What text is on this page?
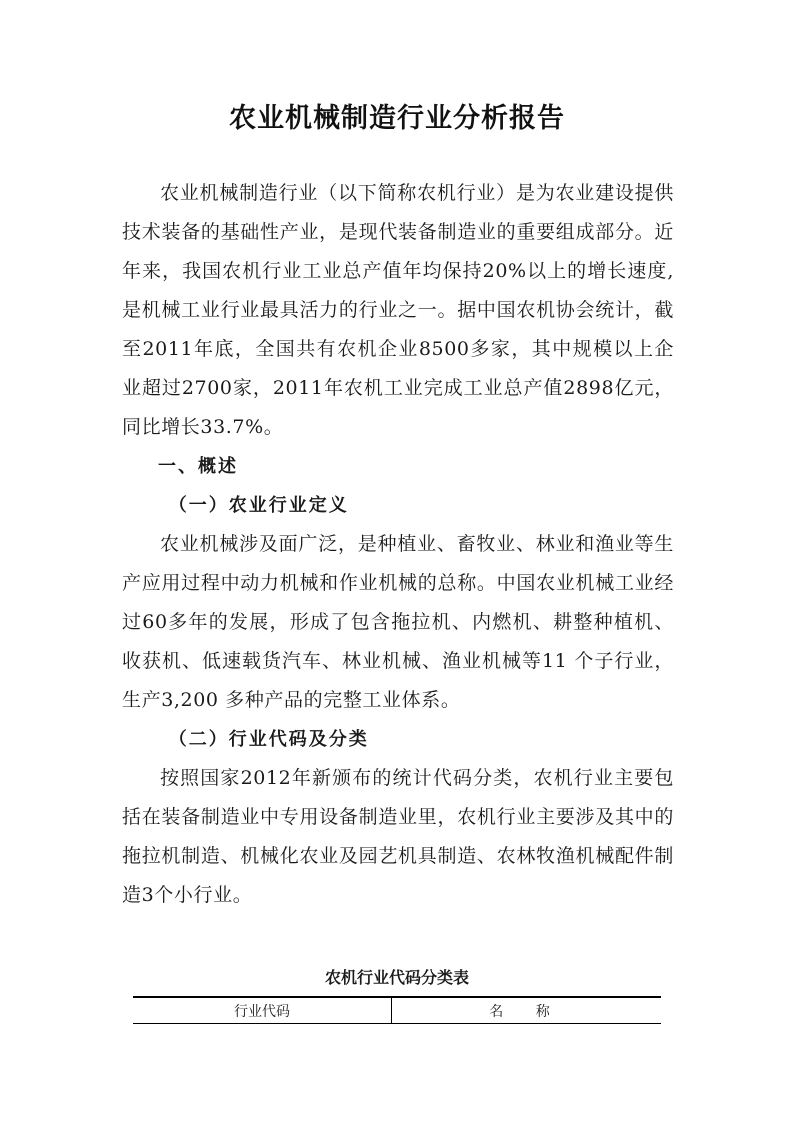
农业机械制造行业分析报告

农业机械制造行业（以下简称农机行业）是为农业建设提供技术装备的基础性产业，是现代装备制造业的重要组成部分。近年来，我国农机行业工业总产值年均保持20%以上的增长速度,是机械工业行业最具活力的行业之一。据中国农机协会统计，截至2011年底，全国共有农机企业8500多家，其中规模以上企业超过2700家，2011年农机工业完成工业总产值2898亿元，同比增长33.7%。

一、概述
（一）农业行业定义

农业机械涉及面广泛，是种植业、畜牧业、林业和渔业等生产应用过程中动力机械和作业机械的总称。中国农业机械工业经过60多年的发展，形成了包含拖拉机、内燃机、耕整种植机、收获机、低速载货汽车、林业机械、渔业机械等11 个子行业，生产3,200 多种产品的完整工业体系。

（二）行业代码及分类

按照国家2012年新颁布的统计代码分类，农机行业主要包括在装备制造业中专用设备制造业里，农机行业主要涉及其中的拖拉机制造、机械化农业及园艺机具制造、农林牧渔机械配件制造3个小行业。

农机行业代码分类表
行业代码	名 称
